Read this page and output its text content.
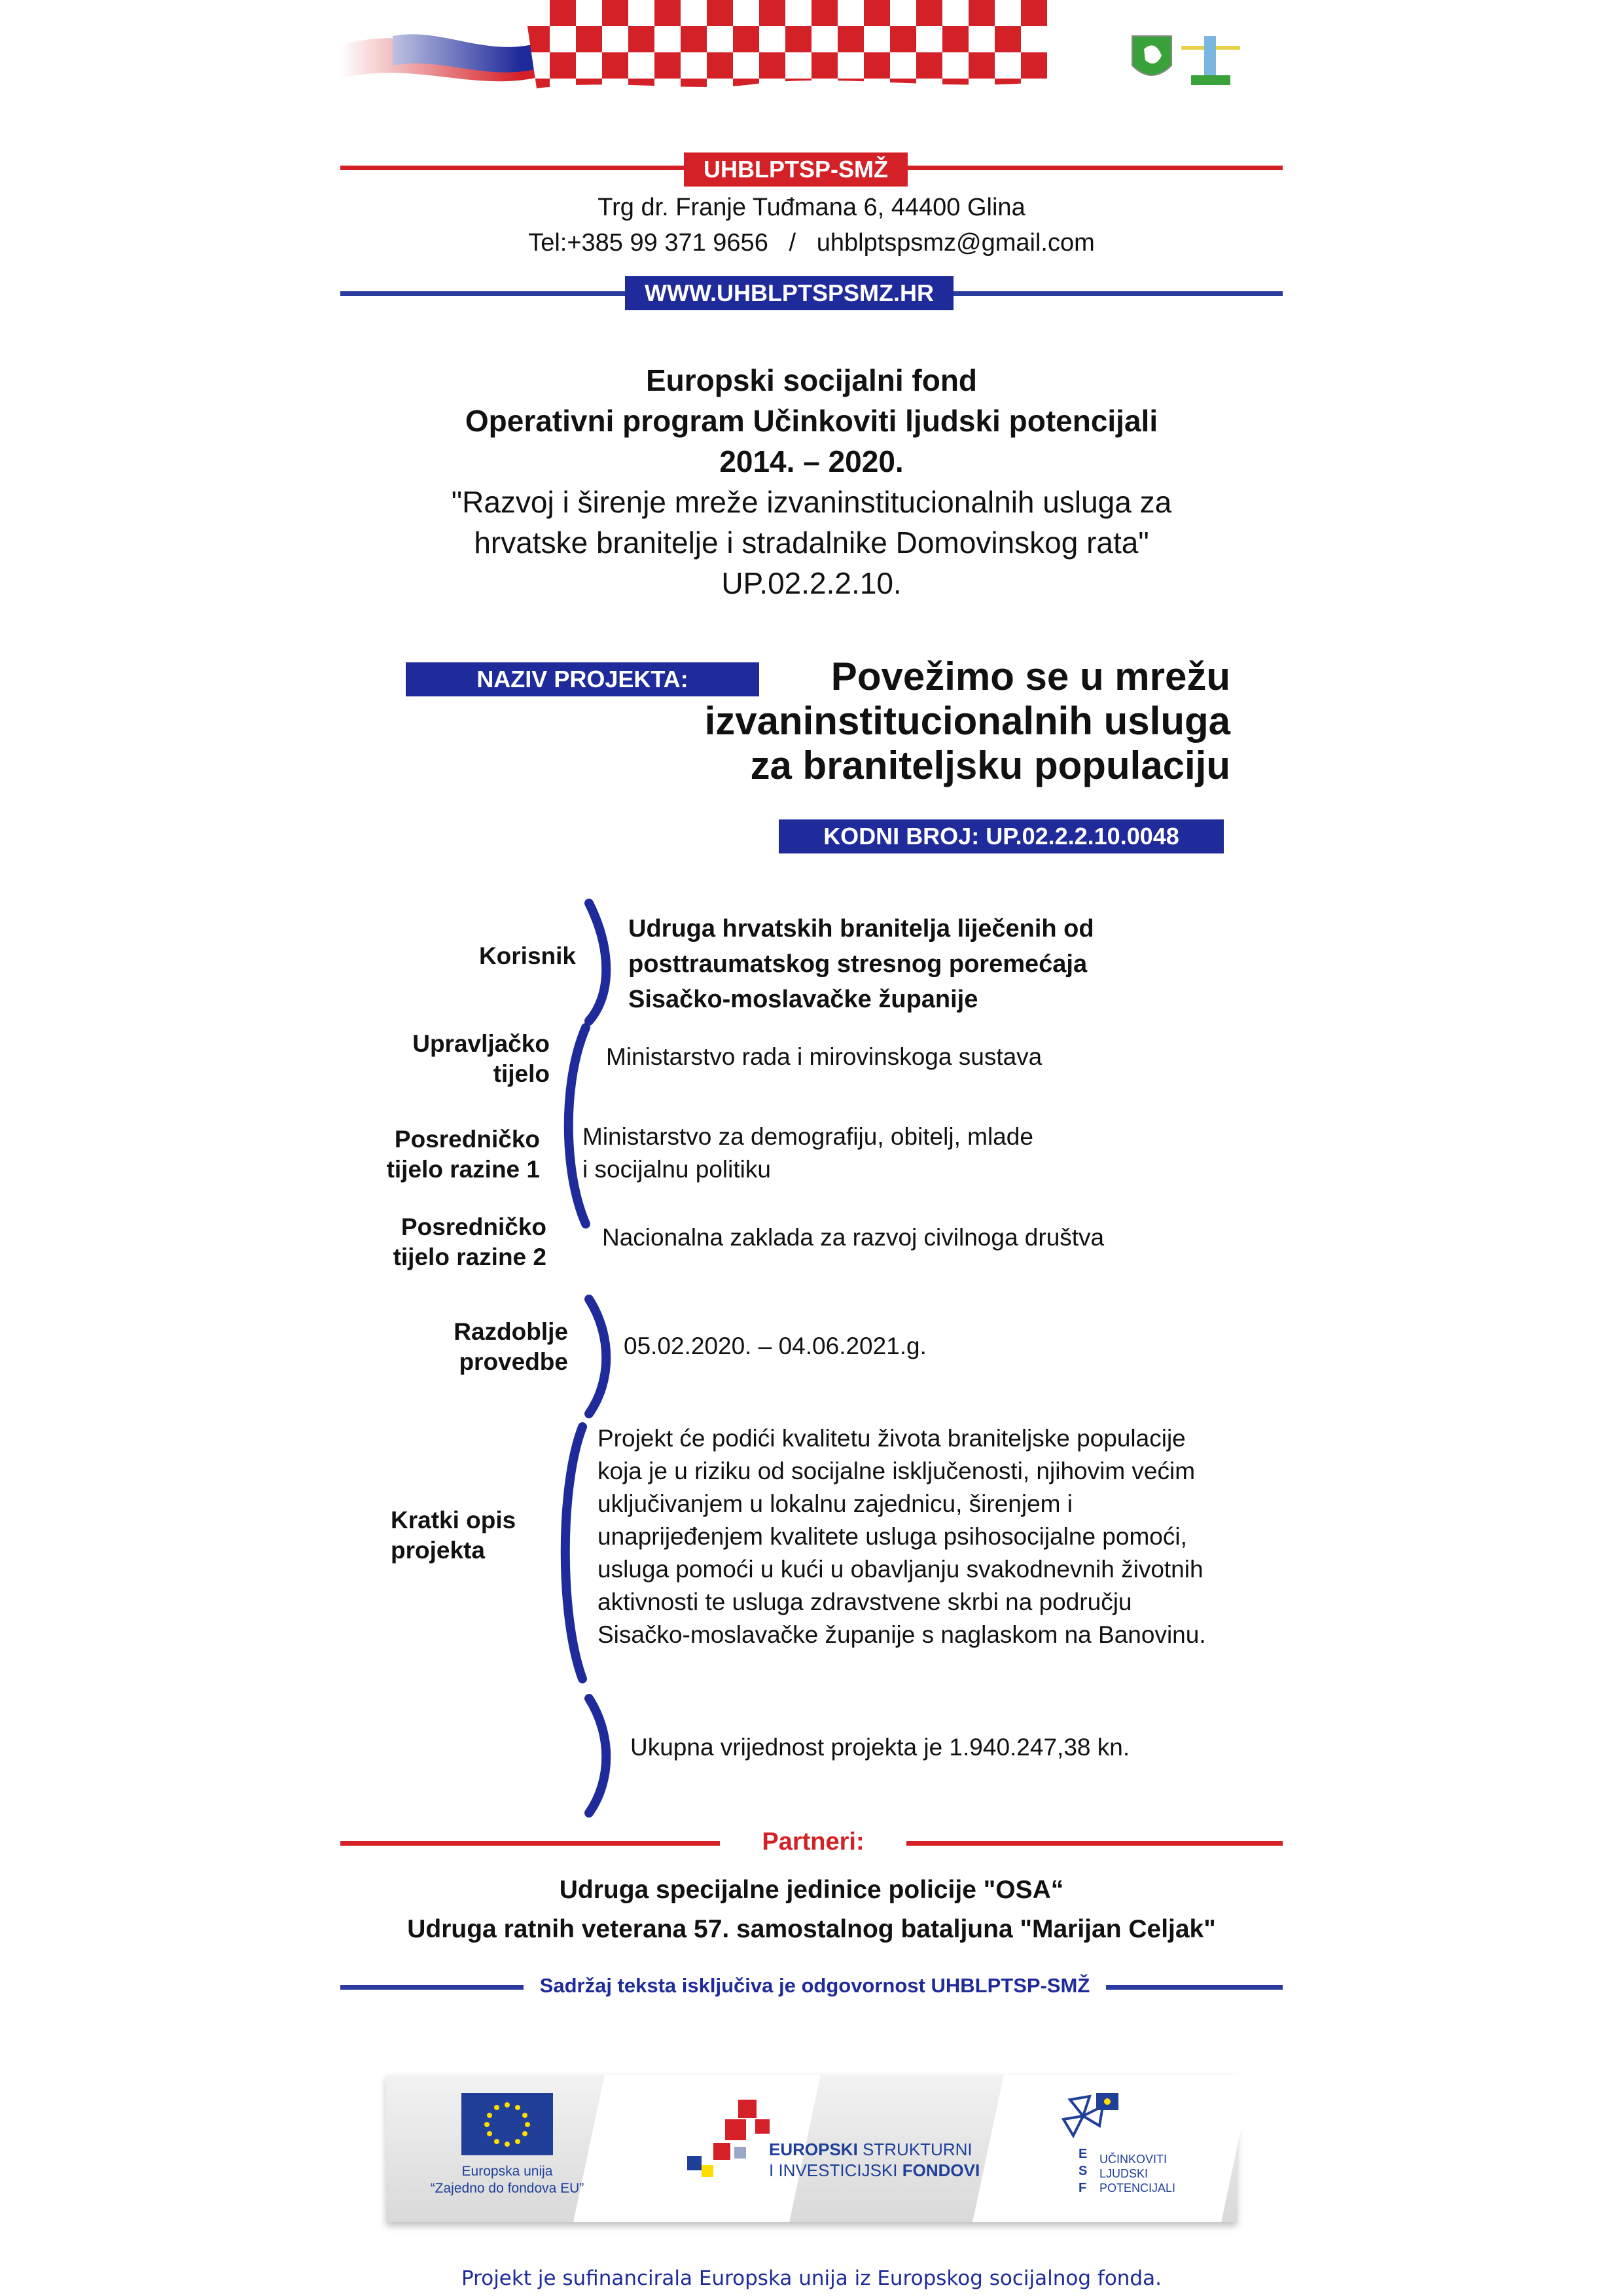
UHBLPTSP-SMŽ
Trg dr. Franje Tuđmana 6, 44400 Glina
Tel:+385 99 371 9656   /   uhblptspsmz@gmail.com
WWW.UHBLPTSPSMZ.HR
Europski socijalni fond
Operativni program Učinkoviti ljudski potencijali
2014. – 2020.
"Razvoj i širenje mreže izvaninstitucionalnih usluga za
hrvatske branitelje i stradalnike Domovinskog rata"
UP.02.2.2.10.
NAZIV PROJEKTA:	Povežimo se u mrežu
izvaninstitucionalnih usluga
za braniteljsku populaciju
KODNI BROJ: UP.02.2.2.10.0048
Korisnik
Udruga hrvatskih branitelja liječenih od
posttraumatskog stresnog poremećaja
Sisačko-moslavačke županije
Upravljačko
tijelo
Ministarstvo rada i mirovinskoga sustava
Posredničko
tijelo razine 1
Ministarstvo za demografiju, obitelj, mlade
i socijalnu politiku
Posredničko
tijelo razine 2
Nacionalna zaklada za razvoj civilnoga društva
Razdoblje
provedbe
05.02.2020. – 04.06.2021.g.
Kratki opis
projekta
Projekt će podići kvalitetu života braniteljske populacije
koja je u riziku od socijalne isključenosti, njihovim većim
uključivanjem u lokalnu zajednicu, širenjem i
unaprijeđenjem kvalitete usluga psihosocijalne pomoći,
usluga pomoći u kući u obavljanju svakodnevnih životnih
aktivnosti te usluga zdravstvene skrbi na području
Sisačko-moslavačke županije s naglaskom na Banovinu.
Ukupna vrijednost projekta je 1.940.247,38 kn.
Partneri:
Udruga specijalne jedinice policije "OSA“
Udruga ratnih veterana 57. samostalnog bataljuna "Marijan Celjak"
Sadržaj teksta isključiva je odgovornost UHBLPTSP-SMŽ
Europska unija
“Zajedno do fondova EU”
EUROPSKI STRUKTURNI
I INVESTICIJSKI FONDOVI
ESF
UČINKOVITI
LJUDSKI
POTENCIJALI
Projekt je sufinancirala Europska unija iz Europskog socijalnog fonda.
